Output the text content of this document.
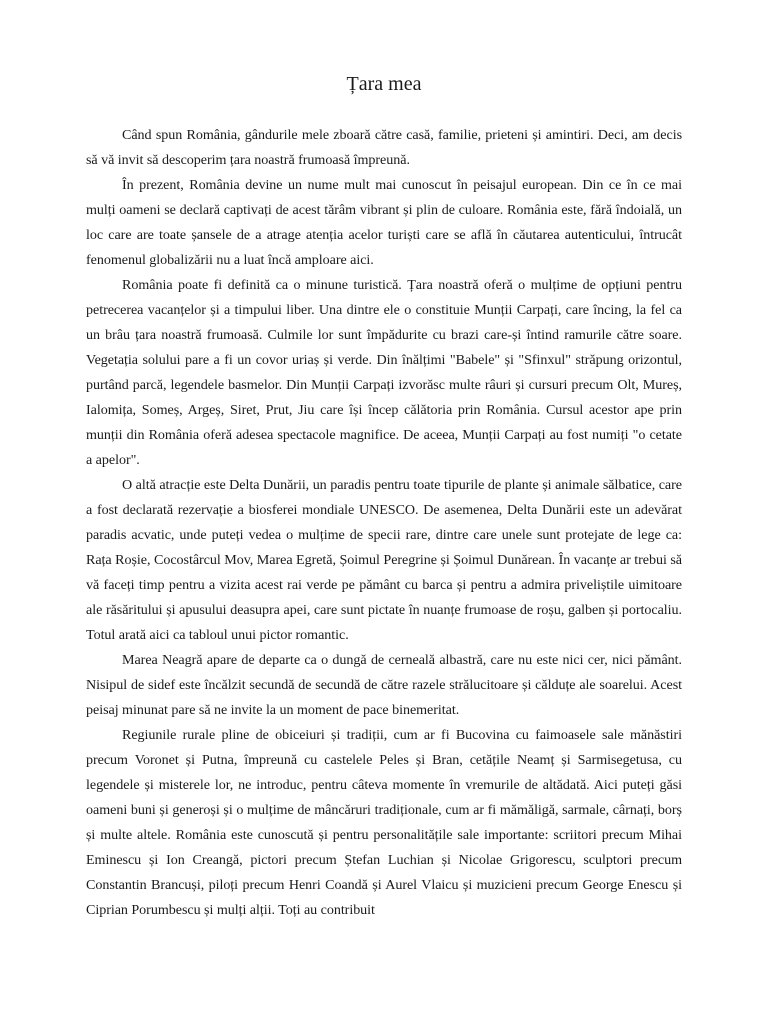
Țara mea

Când spun România, gândurile mele zboară către casă, familie, prieteni și amintiri. Deci, am decis să vă invit să descoperim țara noastră frumoasă împreună.

În prezent, România devine un nume mult mai cunoscut în peisajul european. Din ce în ce mai mulți oameni se declară captivați de acest tărâm vibrant și plin de culoare. România este, fără îndoială, un loc care are toate șansele de a atrage atenția acelor turiști care se află în căutarea autenticului, întrucât fenomenul globalizării nu a luat încă amploare aici.

România poate fi definită ca o minune turistică. Țara noastră oferă o mulțime de opțiuni pentru petrecerea vacanțelor și a timpului liber. Una dintre ele o constituie Munții Carpați, care încing, la fel ca un brâu țara noastră frumoasă. Culmile lor sunt împădurite cu brazi care-și întind ramurile către soare. Vegetația solului pare a fi un covor uriaș și verde. Din înălțimi "Babele" și "Sfinxul" străpung orizontul, purtând parcă, legendele basmelor. Din Munții Carpați izvorăsc multe râuri și cursuri precum Olt, Mureș, Ialomița, Someș, Argeș, Siret, Prut, Jiu care își încep călătoria prin România. Cursul acestor ape prin munții din România oferă adesea spectacole magnifice. De aceea, Munții Carpați au fost numiți "o cetate a apelor".

O altă atracție este Delta Dunării, un paradis pentru toate tipurile de plante și animale sălbatice, care a fost declarată rezervație a biosferei mondiale UNESCO. De asemenea, Delta Dunării este un adevărat paradis acvatic, unde puteți vedea o mulțime de specii rare, dintre care unele sunt protejate de lege ca: Rața Roșie, Cocostârcul Mov, Marea Egretă, Șoimul Peregrine și Șoimul Dunărean. În vacanțe ar trebui să vă faceți timp pentru a vizita acest rai verde pe pământ cu barca și pentru a admira priveliștile uimitoare ale răsăritului și apusului deasupra apei, care sunt pictate în nuanțe frumoase de roșu, galben și portocaliu. Totul arată aici ca tabloul unui pictor romantic.

Marea Neagră apare de departe ca o dungă de cerneală albastră, care nu este nici cer, nici pământ. Nisipul de sidef este încălzit secundă de secundă de către razele strălucitoare și călduțe ale soarelui. Acest peisaj minunat pare să ne invite la un moment de pace binemeritat.

Regiunile rurale pline de obiceiuri și tradiții, cum ar fi Bucovina cu faimoasele sale mănăstiri precum Voronet și Putna, împreună cu castelele Peles și Bran, cetățile Neamț și Sarmisegetusa, cu legendele și misterele lor, ne introduc, pentru câteva momente în vremurile de altădată. Aici puteți găsi oameni buni și generoși și o mulțime de mâncăruri tradiționale, cum ar fi mămăligă, sarmale, cârnați, borș și multe altele. România este cunoscută și pentru personalitățile sale importante: scriitori precum Mihai Eminescu și Ion Creangă, pictori precum Ștefan Luchian și Nicolae Grigorescu, sculptori precum Constantin Brancuși, piloți precum Henri Coandă și Aurel Vlaicu și muzicieni precum George Enescu și Ciprian Porumbescu și mulți alții. Toți au contribuit
